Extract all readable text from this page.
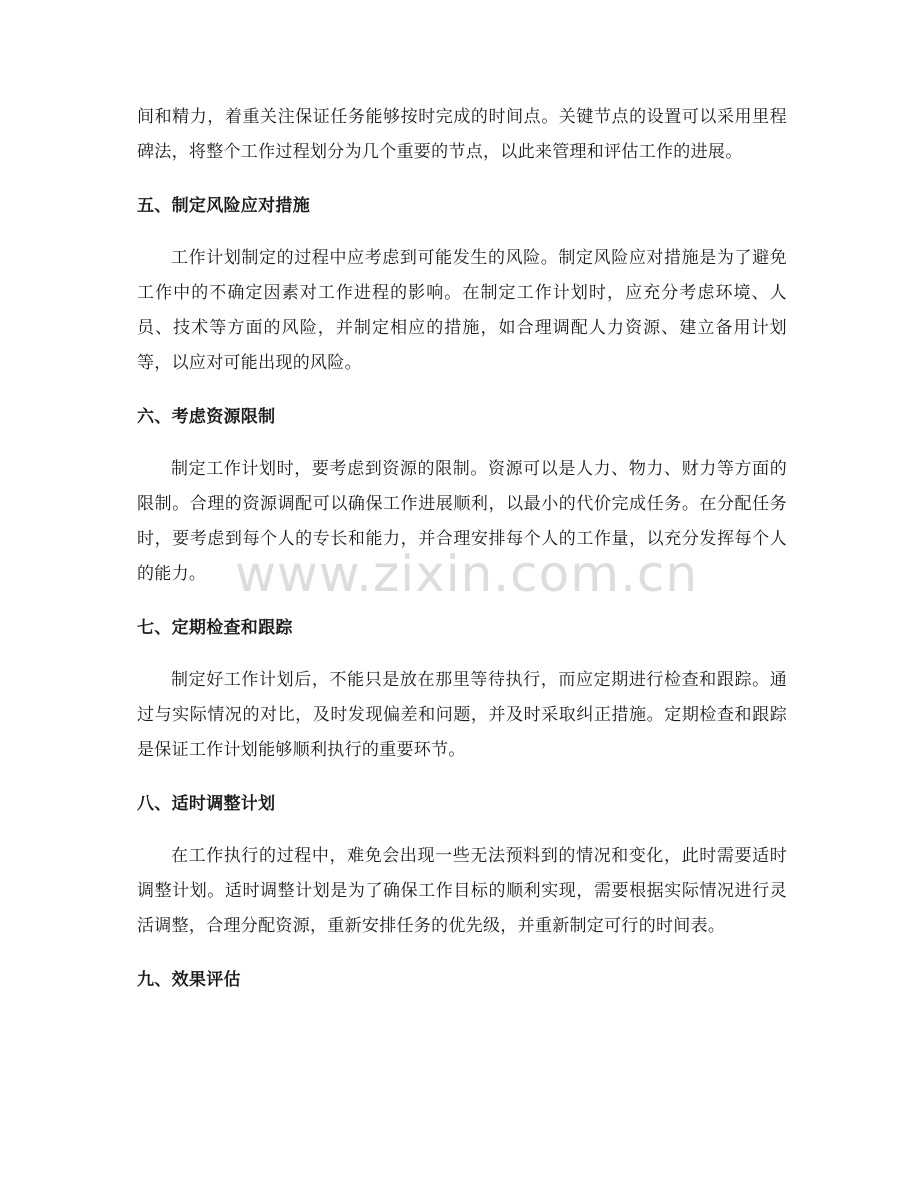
间和精力，着重关注保证任务能够按时完成的时间点。关键节点的设置可以采用里程碑法，将整个工作过程划分为几个重要的节点，以此来管理和评估工作的进展。

五、制定风险应对措施

工作计划制定的过程中应考虑到可能发生的风险。制定风险应对措施是为了避免工作中的不确定因素对工作进程的影响。在制定工作计划时，应充分考虑环境、人员、技术等方面的风险，并制定相应的措施，如合理调配人力资源、建立备用计划等，以应对可能出现的风险。

六、考虑资源限制

制定工作计划时，要考虑到资源的限制。资源可以是人力、物力、财力等方面的限制。合理的资源调配可以确保工作进展顺利，以最小的代价完成任务。在分配任务时，要考虑到每个人的专长和能力，并合理安排每个人的工作量，以充分发挥每个人的能力。

七、定期检查和跟踪

制定好工作计划后，不能只是放在那里等待执行，而应定期进行检查和跟踪。通过与实际情况的对比，及时发现偏差和问题，并及时采取纠正措施。定期检查和跟踪是保证工作计划能够顺利执行的重要环节。

八、适时调整计划

在工作执行的过程中，难免会出现一些无法预料到的情况和变化，此时需要适时调整计划。适时调整计划是为了确保工作目标的顺利实现，需要根据实际情况进行灵活调整，合理分配资源，重新安排任务的优先级，并重新制定可行的时间表。

九、效果评估
www.zixin.com.cn
